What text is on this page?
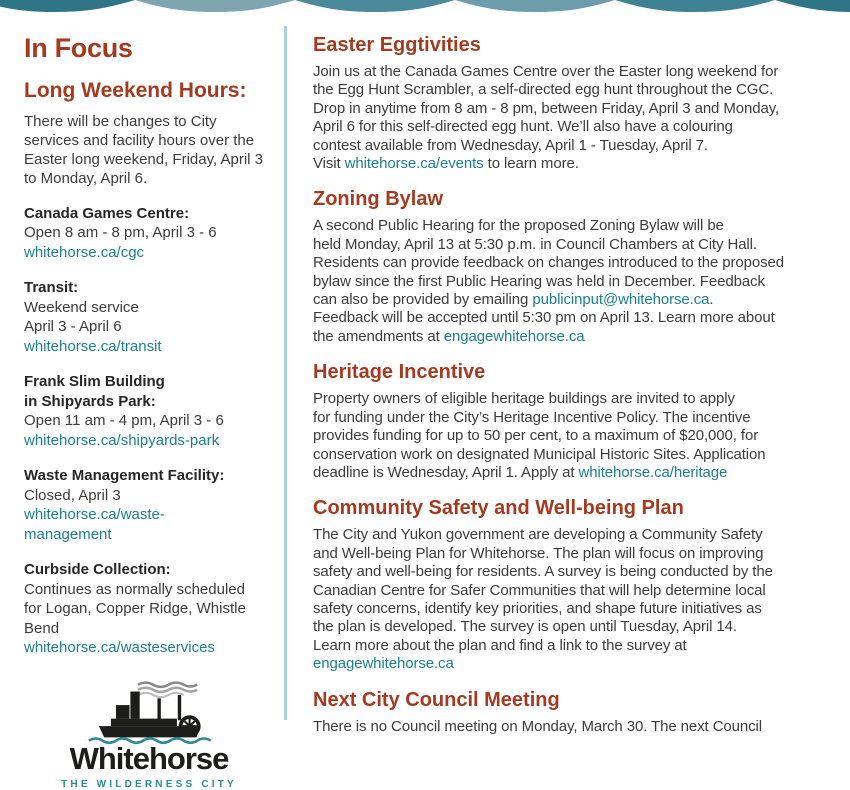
In Focus
Long Weekend Hours:

There will be changes to City services and facility hours over the Easter long weekend, Friday, April 3 to Monday, April 6.

Canada Games Centre:
Open 8 am - 8 pm, April 3 - 6
whitehorse.ca/cgc
Transit:
Weekend service
April 3 - April 6
whitehorse.ca/transit
Frank Slim Building
in Shipyards Park:
Open 11 am - 4 pm, April 3 - 6
whitehorse.ca/shipyards-park
Waste Management Facility:
Closed, April 3
whitehorse.ca/waste-
management
Curbside Collection:
Continues as normally scheduled
for Logan, Copper Ridge, Whistle
Bend
whitehorse.ca/wasteservices
Whitehorse
THE WILDERNESS CITY
Easter Eggtivities

Join us at the Canada Games Centre over the Easter long weekend for
the Egg Hunt Scrambler, a self-directed egg hunt throughout the CGC.
Drop in anytime from 8 am - 8 pm, between Friday, April 3 and Monday,
April 6 for this self-directed egg hunt. We’ll also have a colouring
contest available from Wednesday, April 1 - Tuesday, April 7.
Visit whitehorse.ca/events to learn more.

Zoning Bylaw

A second Public Hearing for the proposed Zoning Bylaw will be
held Monday, April 13 at 5:30 p.m. in Council Chambers at City Hall.
Residents can provide feedback on changes introduced to the proposed
bylaw since the first Public Hearing was held in December. Feedback
can also be provided by emailing publicinput@whitehorse.ca.
Feedback will be accepted until 5:30 pm on April 13. Learn more about
the amendments at engagewhitehorse.ca

Heritage Incentive

Property owners of eligible heritage buildings are invited to apply
for funding under the City’s Heritage Incentive Policy. The incentive
provides funding for up to 50 per cent, to a maximum of $20,000, for
conservation work on designated Municipal Historic Sites. Application
deadline is Wednesday, April 1. Apply at whitehorse.ca/heritage

Community Safety and Well-being Plan

The City and Yukon government are developing a Community Safety
and Well-being Plan for Whitehorse. The plan will focus on improving
safety and well-being for residents. A survey is being conducted by the
Canadian Centre for Safer Communities that will help determine local
safety concerns, identify key priorities, and shape future initiatives as
the plan is developed. The survey is open until Tuesday, April 14.
Learn more about the plan and find a link to the survey at
engagewhitehorse.ca

Next City Council Meeting

There is no Council meeting on Monday, March 30. The next Council
